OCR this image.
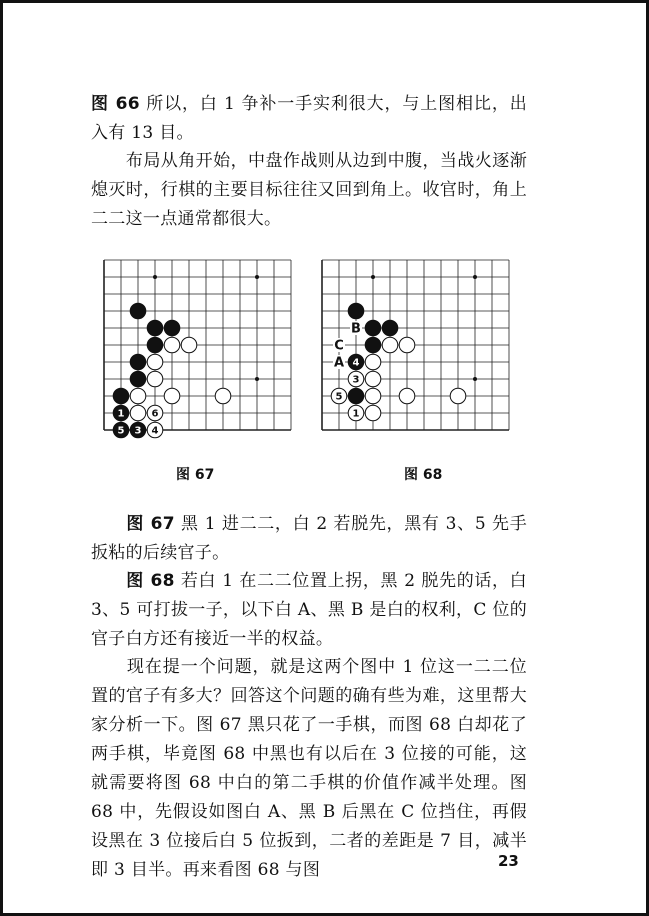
图 66 所以，白 1 争补一手实利很大，与上图相比，出入有 13 目。

　　布局从角开始，中盘作战则从边到中腹，当战火逐渐熄灭时，行棋的主要目标往往又回到角上。收官时，角上二二这一点通常都很大。

1	6
5 3 4
4
3
5
1
B
C
A
图 67	图 68

　　图 67 黑 1 进二二，白 2 若脱先，黑有 3、5 先手扳粘的后续官子。

　　图 68 若白 1 在二二位置上拐，黑 2 脱先的话，白 3、5 可打拔一子，以下白 A、黑 B 是白的权利，C 位的官子白方还有接近一半的权益。

　　现在提一个问题，就是这两个图中 1 位这一二二位置的官子有多大？回答这个问题的确有些为难，这里帮大家分析一下。图 67 黑只花了一手棋，而图 68 白却花了两手棋，毕竟图 68 中黑也有以后在 3 位接的可能，这就需要将图 68 中白的第二手棋的价值作减半处理。图 68 中，先假设如图白 A、黑 B 后黑在 C 位挡住，再假设黑在 3 位接后白 5 位扳到，二者的差距是 7 目，减半即 3 目半。再来看图 68 与图	23
